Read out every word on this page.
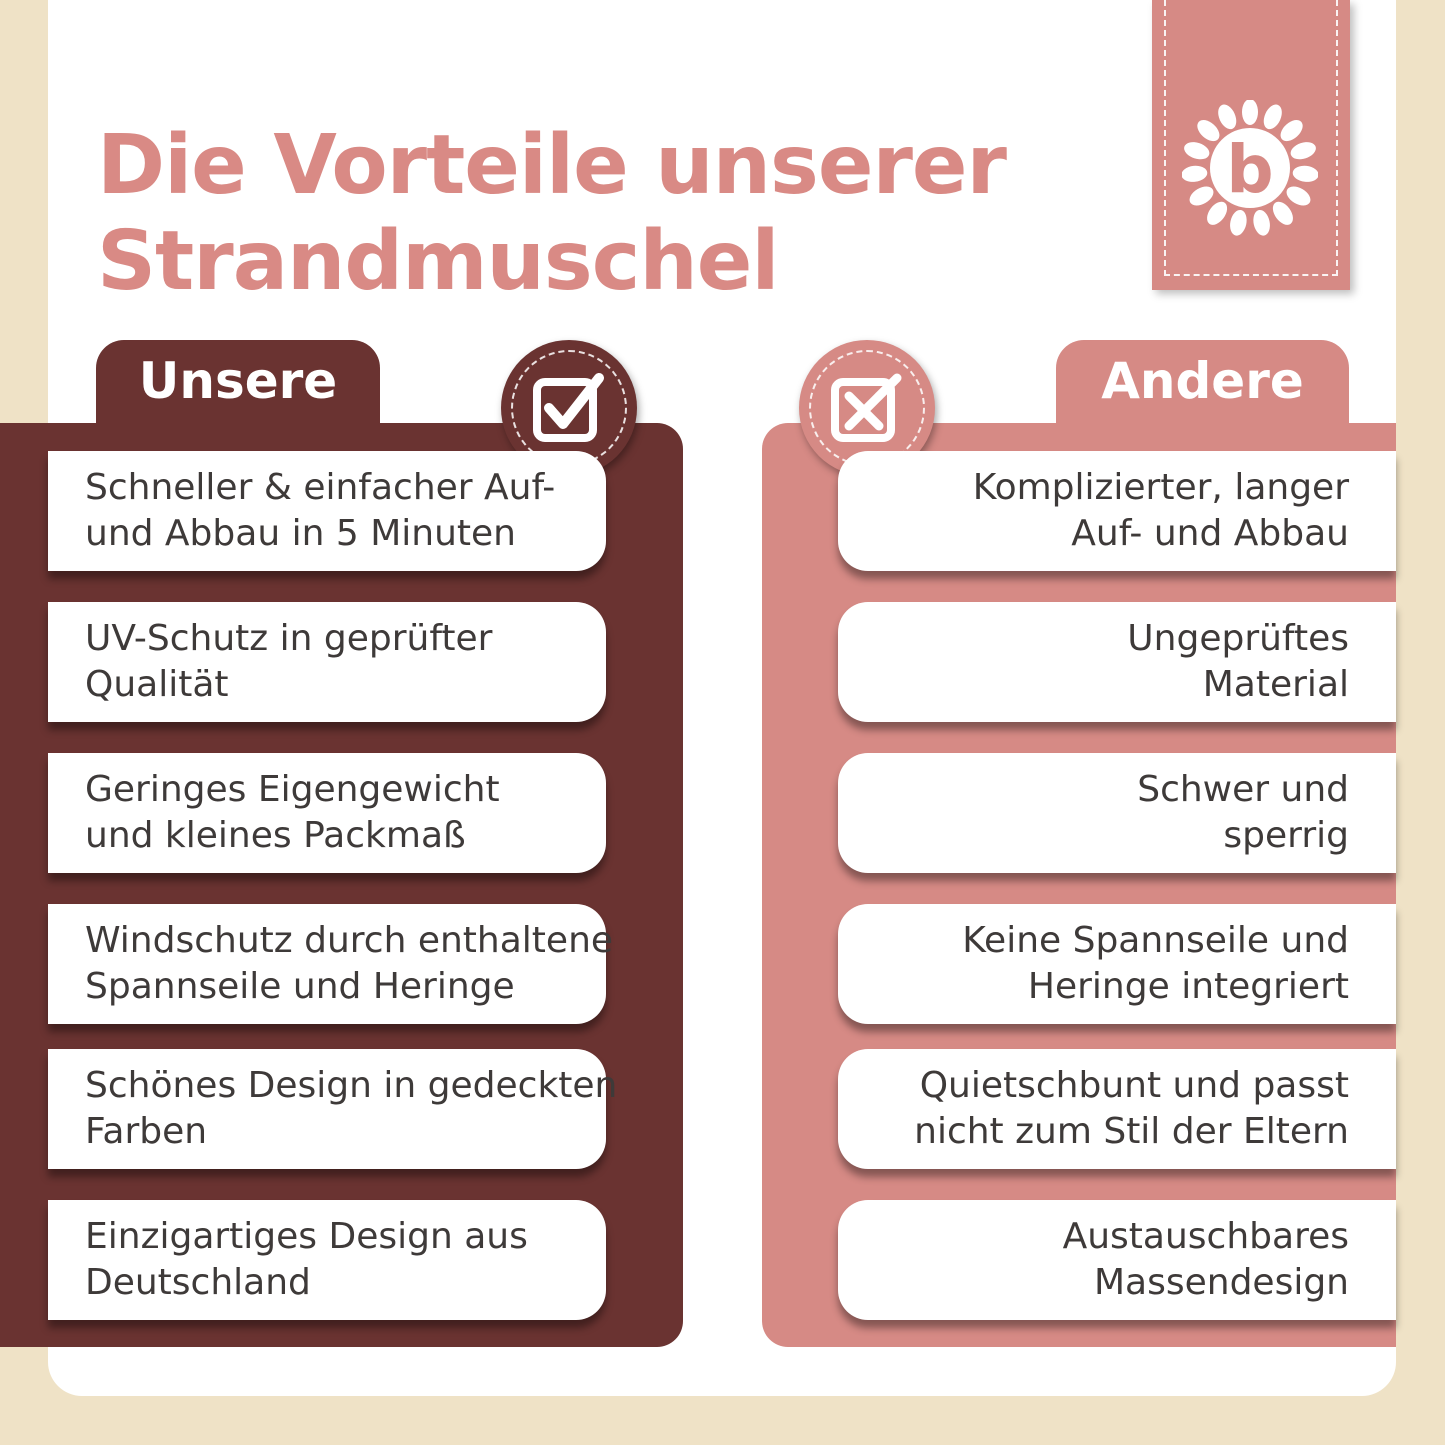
Die Vorteile unserer
Strandmuschel
b
Unsere
Schneller & einfacher Auf-
und Abbau in 5 Minuten
UV-Schutz in geprüfter
Qualität
Geringes Eigengewicht
und kleines Packmaß
Windschutz durch enthaltene
Spannseile und Heringe
Schönes Design in gedeckten
Farben
Einzigartiges Design aus
Deutschland
Andere
Komplizierter, langer
Auf- und Abbau
Ungeprüftes
Material
Schwer und
sperrig
Keine Spannseile und
Heringe integriert
Quietschbunt und passt
nicht zum Stil der Eltern
Austauschbares
Massendesign
